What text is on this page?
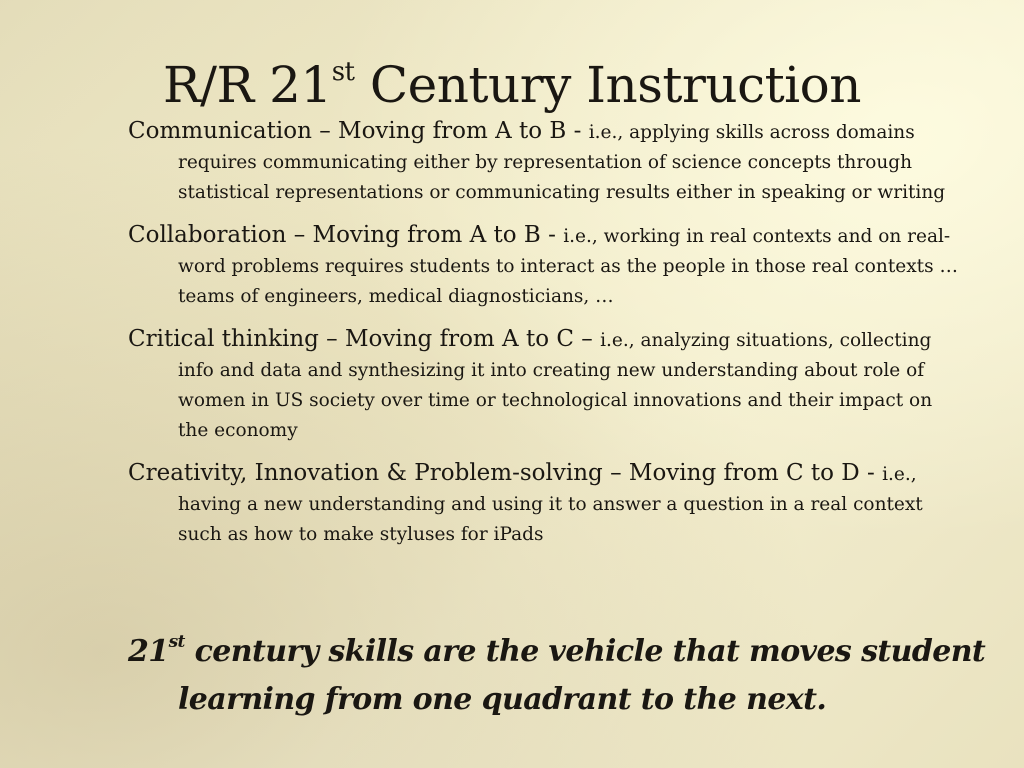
R/R 21st Century Instruction
Communication – Moving from A to B - i.e., applying skills across domains requires communicating either by representation of science concepts through statistical representations or communicating results either in speaking or writing
Collaboration – Moving from A to B - i.e., working in real contexts and on real-word problems requires students to interact as the people in those real contexts … teams of engineers, medical diagnosticians, …
Critical thinking – Moving from A to C – i.e., analyzing situations, collecting info and data and synthesizing it into creating new understanding about role of women in US society over time or technological innovations and their impact on the economy
Creativity, Innovation & Problem-solving – Moving from C to D - i.e., having a new understanding and using it to answer a question in a real context such as how to make styluses for iPads
21st century skills are the vehicle that moves student learning from one quadrant to the next.
